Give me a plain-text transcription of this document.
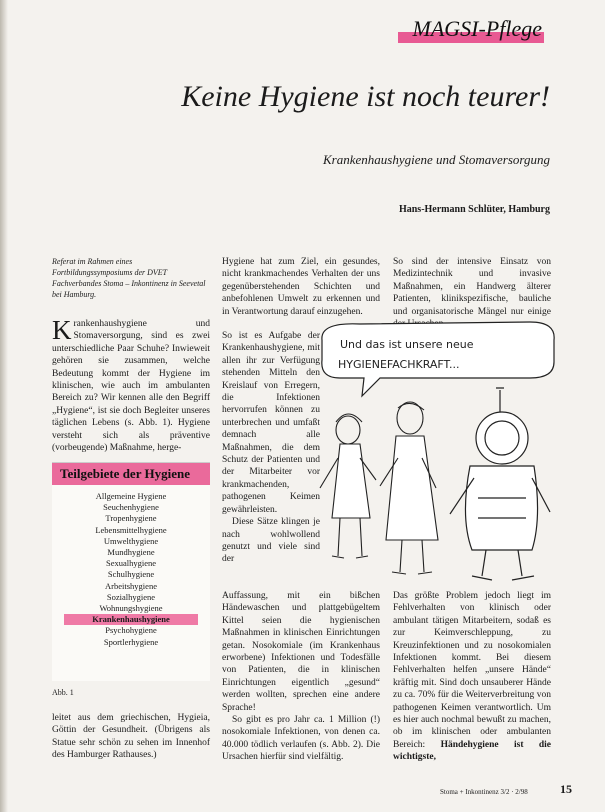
MAGSI-Pflege
Keine Hygiene ist noch teurer!
Krankenhaushygiene und Stomaversorgung
Hans-Hermann Schlüter, Hamburg
Referat im Rahmen eines Fortbildungssymposiums der DVET Fachverbandes Stoma – Inkontinenz in Seevetal bei Hamburg.
Krankenhaushygiene und Stomaversorgung, sind es zwei unterschiedliche Paar Schuhe? Inwieweit gehören sie zusammen, welche Bedeutung kommt der Hygiene im klinischen, wie auch im ambulanten Bereich zu? Wir kennen alle den Begriff „Hygiene“, ist sie doch Begleiter unseres täglichen Lebens (s. Abb. 1). Hygiene versteht sich als präventive (vorbeugende) Maßnahme, herge-
Teilgebiete der Hygiene
Allgemeine Hygiene
Seuchenhygiene
Tropenhygiene
Lebensmittelhygiene
Umwelthygiene
Mundhygiene
Sexualhygiene
Schulhygiene
Arbeitshygiene
Sozialhygiene
Wohnungshygiene
Krankenhaushygiene
Psychohygiene
Sportlerhygiene
Abb. 1
leitet aus dem griechischen, Hygieia, Göttin der Gesundheit. (Übrigens als Statue sehr schön zu sehen im Innenhof des Hamburger Rathauses.)
Hygiene hat zum Ziel, ein gesundes, nicht krankmachendes Verhalten der uns gegenüberstehenden Schichten und anbefohlenen Umwelt zu erkennen und in Verantwortung darauf einzugehen.

So ist es Aufgabe der Krankenhaushygiene, mit allen ihr zur Verfügung stehenden Mitteln den Kreislauf von Erregern, die Infektionen hervorrufen können zu unterbrechen und umfaßt demnach alle Maßnahmen, die dem Schutz der Patienten und der Mitarbeiter vor krankmachenden, pathogenen Keimen gewährleisten.

Diese Sätze klingen je nach wohlwollend genutzt und viele sind der

Auffassung, mit ein bißchen Händewaschen und plattgebügeltem Kittel seien die hygienischen Maßnahmen in klinischen Einrichtungen getan. Nosokomiale (im Krankenhaus erworbene) Infektionen und Todesfälle von Patienten, die in klinischen Einrichtungen eigentlich „gesund“ werden wollten, sprechen eine andere Sprache!

So gibt es pro Jahr ca. 1 Million (!) nosokomiale Infektionen, von denen ca. 40.000 tödlich verlaufen (s. Abb. 2). Die Ursachen hierfür sind vielfältig.

So sind der intensive Einsatz von Medizintechnik und invasive Maßnahmen, ein Handwerg älterer Patienten, klinikspezifische, bauliche und organisatorische Mängel nur einige
Und das ist unsere neue
HYGIENEFACHKRAFT...
Das größte Problem jedoch liegt im Fehlverhalten von klinisch oder ambulant tätigen Mitarbeitern, sodaß es zur Keimverschleppung, zu Kreuzinfektionen und zu nosokomialen Infektionen kommt. Bei diesem Fehlverhalten helfen „unsere Hände“ kräftig mit. Sind doch unsauberer Hände zu ca. 70% für die Weiterverbreitung von pathogenen Keimen verantwortlich. Um es hier auch nochmal bewußt zu machen, ob im klinischen oder ambulanten Bereich: Händehygiene ist die wichtigste,
Stoma + Inkontinenz 3/2 · 2/98	15
